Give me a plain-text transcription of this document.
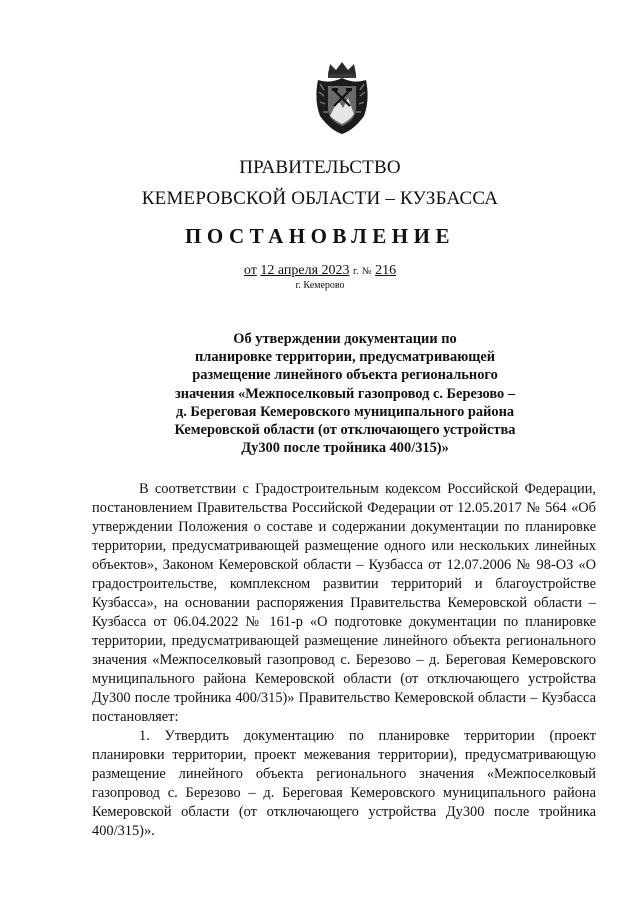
ПРАВИТЕЛЬСТВО
КЕМЕРОВСКОЙ ОБЛАСТИ – КУЗБАССА
ПОСТАНОВЛЕНИЕ
от 12 апреля 2023 г. № 216
г. Кемерово
Об утверждении документации по
планировке территории, предусматривающей
размещение линейного объекта регионального
значения «Межпоселковый газопровод с. Березово –
д. Береговая Кемеровского муниципального района
Кемеровской области (от отключающего устройства
Ду300 после тройника 400/315)»

В соответствии с Градостроительным кодексом Российской Федерации, постановлением Правительства Российской Федерации от 12.05.2017 № 564 «Об утверждении Положения о составе и содержании документации по планировке территории, предусматривающей размещение одного или нескольких линейных объектов», Законом Кемеровской области – Кузбасса от 12.07.2006 № 98-ОЗ «О градостроительстве, комплексном развитии территорий и благоустройстве Кузбасса», на основании распоряжения Правительства Кемеровской области – Кузбасса от 06.04.2022 № 161-р «О подготовке документации по планировке территории, предусматривающей размещение линейного объекта регионального значения «Межпоселковый газопровод с. Березово – д. Береговая Кемеровского муниципального района Кемеровской области (от отключающего устройства Ду300 после тройника 400/315)» Правительство Кемеровской области – Кузбасса постановляет:

1. Утвердить документацию по планировке территории (проект планировки территории, проект межевания территории), предусматривающую размещение линейного объекта регионального значения «Межпоселковый газопровод с. Березово – д. Береговая Кемеровского муниципального района Кемеровской области (от отключающего устройства Ду300 после тройника 400/315)».
